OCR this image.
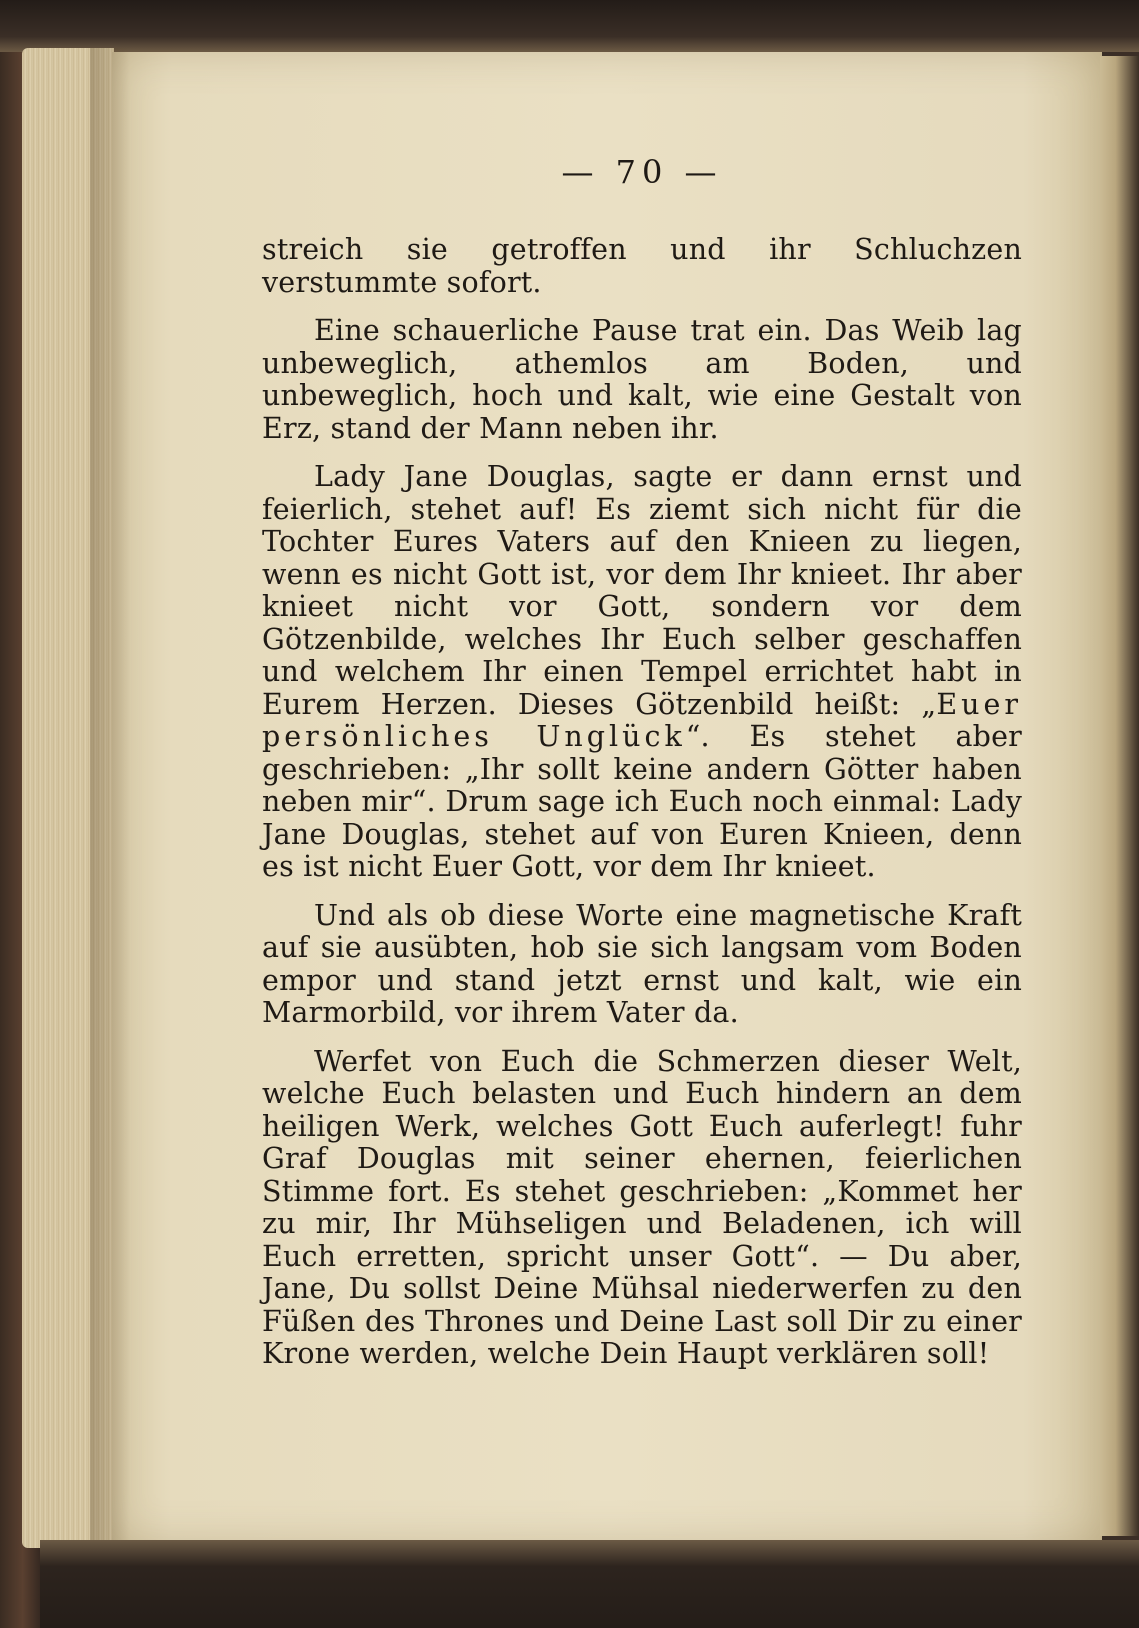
— 70 —

streich sie getroffen und ihr Schluchzen verstummte sofort.

Eine schauerliche Pause trat ein. Das Weib lag unbeweglich, athemlos am Boden, und unbeweglich, hoch und kalt, wie eine Gestalt von Erz, stand der Mann neben ihr.

Lady Jane Douglas, sagte er dann ernst und feierlich, stehet auf! Es ziemt sich nicht für die Tochter Eures Vaters auf den Knieen zu liegen, wenn es nicht Gott ist, vor dem Ihr knieet. Ihr aber knieet nicht vor Gott, sondern vor dem Götzenbilde, welches Ihr Euch selber geschaffen und welchem Ihr einen Tempel errichtet habt in Eurem Herzen. Dieses Götzenbild heißt: „Euer persönliches Unglück“. Es stehet aber geschrieben: „Ihr sollt keine andern Götter haben neben mir“. Drum sage ich Euch noch einmal: Lady Jane Douglas, stehet auf von Euren Knieen, denn es ist nicht Euer Gott, vor dem Ihr knieet.

Und als ob diese Worte eine magnetische Kraft auf sie ausübten, hob sie sich langsam vom Boden empor und stand jetzt ernst und kalt, wie ein Marmorbild, vor ihrem Vater da.

Werfet von Euch die Schmerzen dieser Welt, welche Euch belasten und Euch hindern an dem heiligen Werk, welches Gott Euch auferlegt! fuhr Graf Douglas mit seiner ehernen, feierlichen Stimme fort. Es stehet geschrieben: „Kommet her zu mir, Ihr Mühseligen und Beladenen, ich will Euch erretten, spricht unser Gott“. — Du aber, Jane, Du sollst Deine Mühsal niederwerfen zu den Füßen des Thrones und Deine Last soll Dir zu einer Krone werden, welche Dein Haupt verklären soll!
